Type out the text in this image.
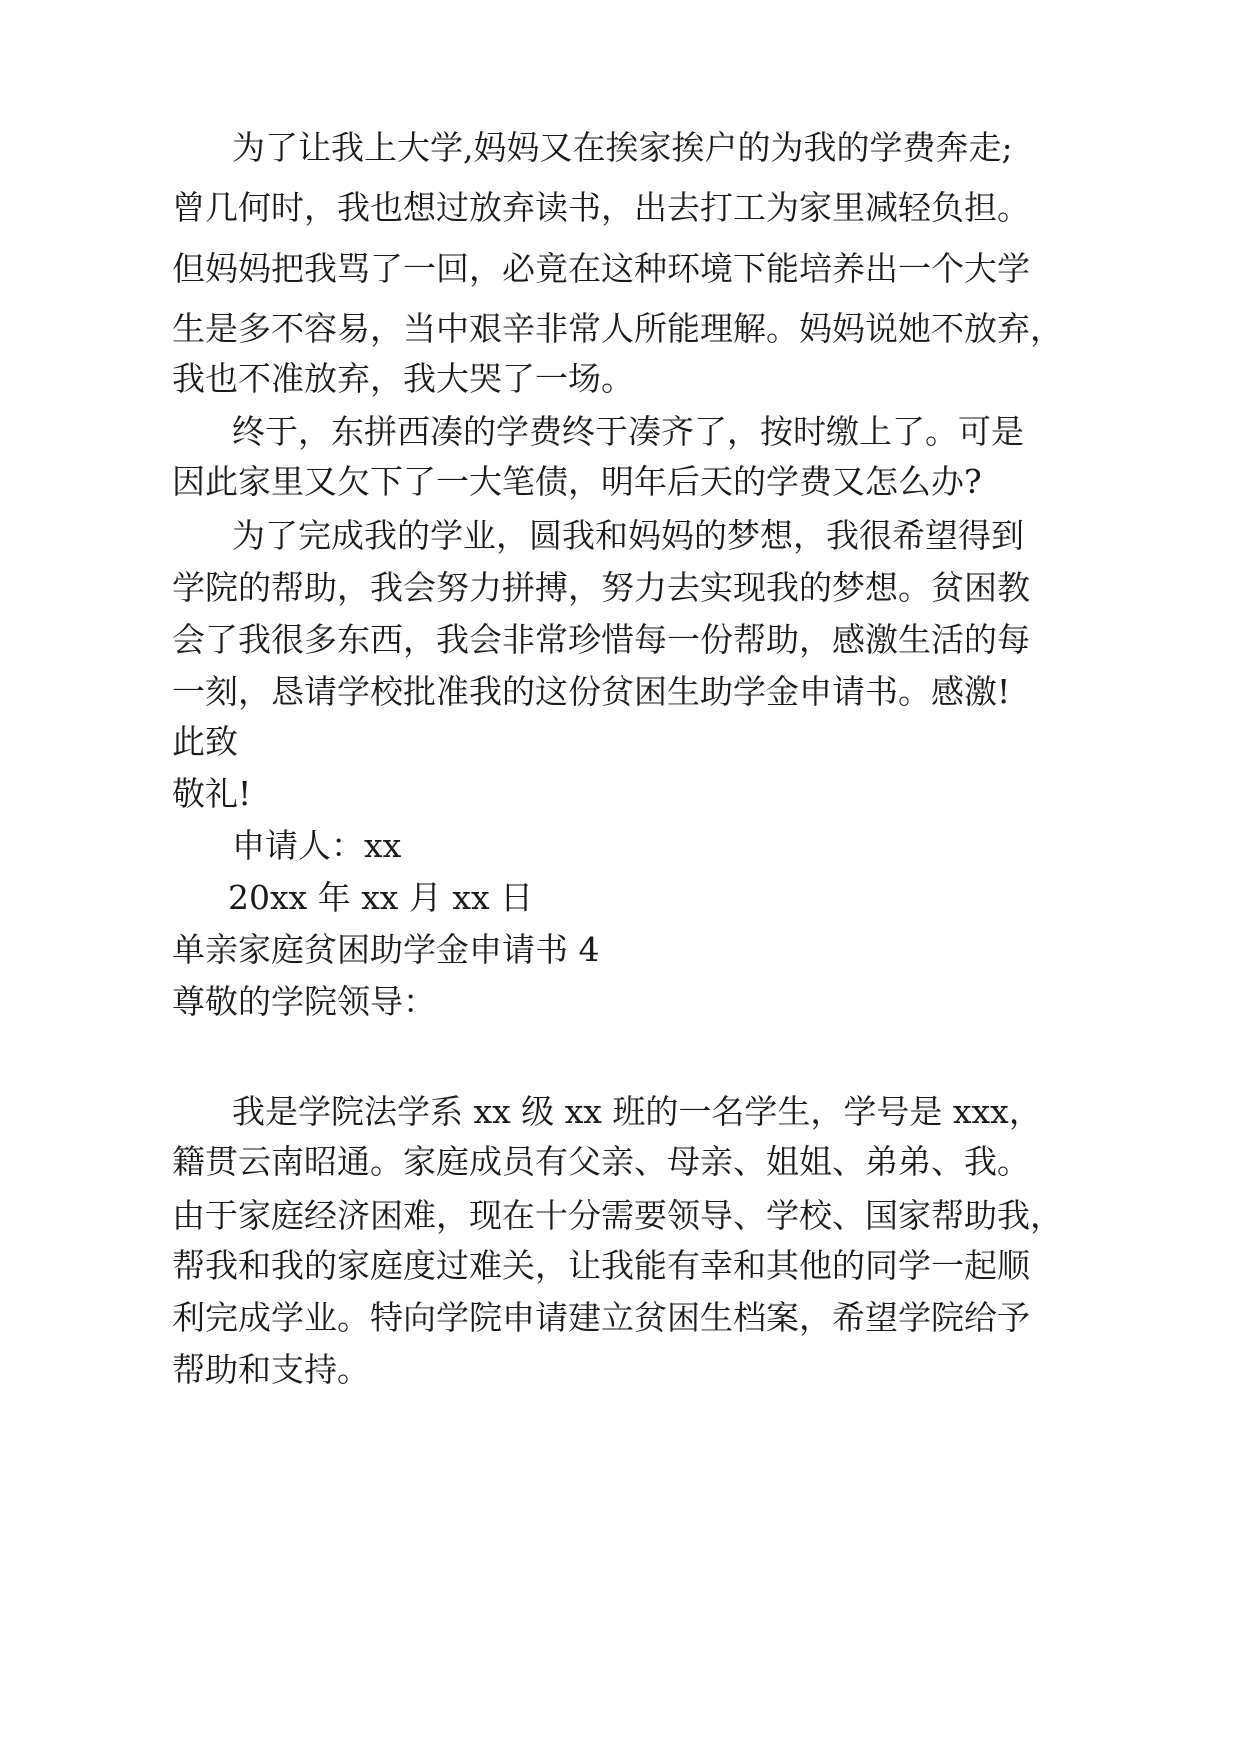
为了让我上大学,妈妈又在挨家挨户的为我的学费奔走;
曾几何时，我也想过放弃读书，出去打工为家里减轻负担。
但妈妈把我骂了一回，必竟在这种环境下能培养出一个大学
生是多不容易，当中艰辛非常人所能理解。妈妈说她不放弃，
我也不准放弃，我大哭了一场。
终于，东拼西凑的学费终于凑齐了，按时缴上了。可是
因此家里又欠下了一大笔债，明年后天的学费又怎么办?
为了完成我的学业，圆我和妈妈的梦想，我很希望得到
学院的帮助，我会努力拼搏，努力去实现我的梦想。贫困教
会了我很多东西，我会非常珍惜每一份帮助，感激生活的每
一刻，恳请学校批准我的这份贫困生助学金申请书。感激!
此致
敬礼!
申请人：xx
20xx 年 xx 月 xx 日
单亲家庭贫困助学金申请书 4
尊敬的学院领导：
我是学院法学系 xx 级 xx 班的一名学生，学号是 xxx，
籍贯云南昭通。家庭成员有父亲、母亲、姐姐、弟弟、我。
由于家庭经济困难，现在十分需要领导、学校、国家帮助我，
帮我和我的家庭度过难关，让我能有幸和其他的同学一起顺
利完成学业。特向学院申请建立贫困生档案，希望学院给予
帮助和支持。
